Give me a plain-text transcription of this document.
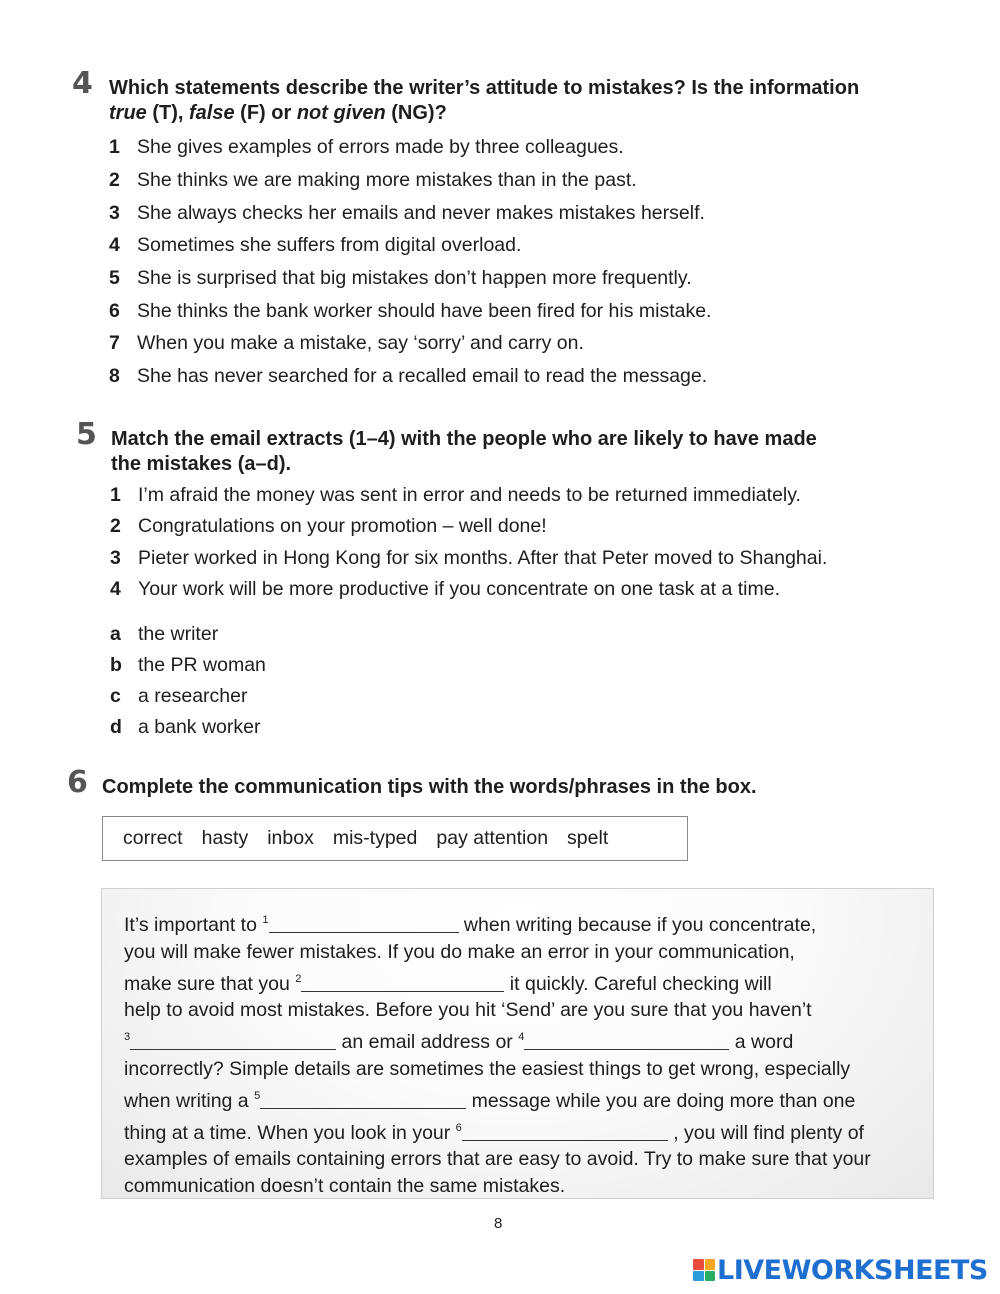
4 Which statements describe the writer’s attitude to mistakes? Is the information
true (T), false (F) or not given (NG)?
1 She gives examples of errors made by three colleagues.
2 She thinks we are making more mistakes than in the past.
3 She always checks her emails and never makes mistakes herself.
4 Sometimes she suffers from digital overload.
5 She is surprised that big mistakes don’t happen more frequently.
6 She thinks the bank worker should have been fired for his mistake.
7 When you make a mistake, say ‘sorry’ and carry on.
8 She has never searched for a recalled email to read the message.
5 Match the email extracts (1–4) with the people who are likely to have made
the mistakes (a–d).
1 I’m afraid the money was sent in error and needs to be returned immediately.
2 Congratulations on your promotion – well done!
3 Pieter worked in Hong Kong for six months. After that Peter moved to Shanghai.
4 Your work will be more productive if you concentrate on one task at a time.
a the writer
b the PR woman
c a researcher
d a bank worker
6 Complete the communication tips with the words/phrases in the box.
correct hasty inbox mis-typed pay attention spelt
It’s important to $^1$	when writing because if you concentrate,
you will make fewer mistakes. If you do make an error in your communication,
make sure that you $^2$	it quickly. Careful checking will
help to avoid most mistakes. Before you hit ‘Send’ are you sure that you haven’t
$^3$	an email address or $^4$	a word
incorrectly? Simple details are sometimes the easiest things to get wrong, especially
when writing a $^5$	message while you are doing more than one
thing at a time. When you look in your $^6$	, you will find plenty of
examples of emails containing errors that are easy to avoid. Try to make sure that your
communication doesn’t contain the same mistakes.
8
LIVEWORKSHEETS
